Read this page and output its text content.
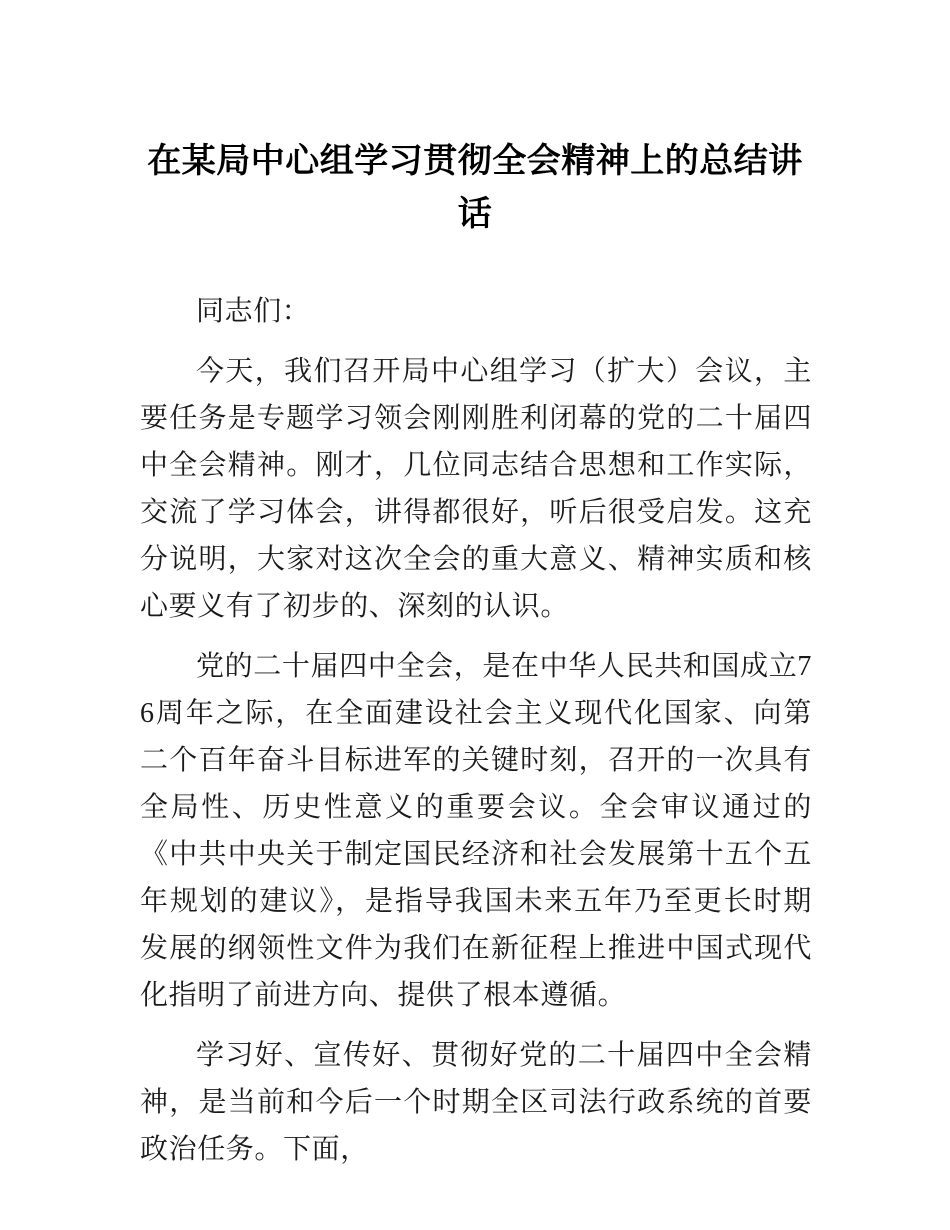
在某局中心组学习贯彻全会精神上的总结讲话

同志们：

今天，我们召开局中心组学习（扩大）会议，主要任务是专题学习领会刚刚胜利闭幕的党的二十届四中全会精神。刚才，几位同志结合思想和工作实际，交流了学习体会，讲得都很好，听后很受启发。这充分说明，大家对这次全会的重大意义、精神实质和核心要义有了初步的、深刻的认识。

党的二十届四中全会，是在中华人民共和国成立76周年之际，在全面建设社会主义现代化国家、向第二个百年奋斗目标进军的关键时刻，召开的一次具有全局性、历史性意义的重要会议。全会审议通过的《中共中央关于制定国民经济和社会发展第十五个五年规划的建议》，是指导我国未来五年乃至更长时期发展的纲领性文件为我们在新征程上推进中国式现代化指明了前进方向、提供了根本遵循。

学习好、宣传好、贯彻好党的二十届四中全会精神，是当前和今后一个时期全区司法行政系统的首要政治任务。下面，
